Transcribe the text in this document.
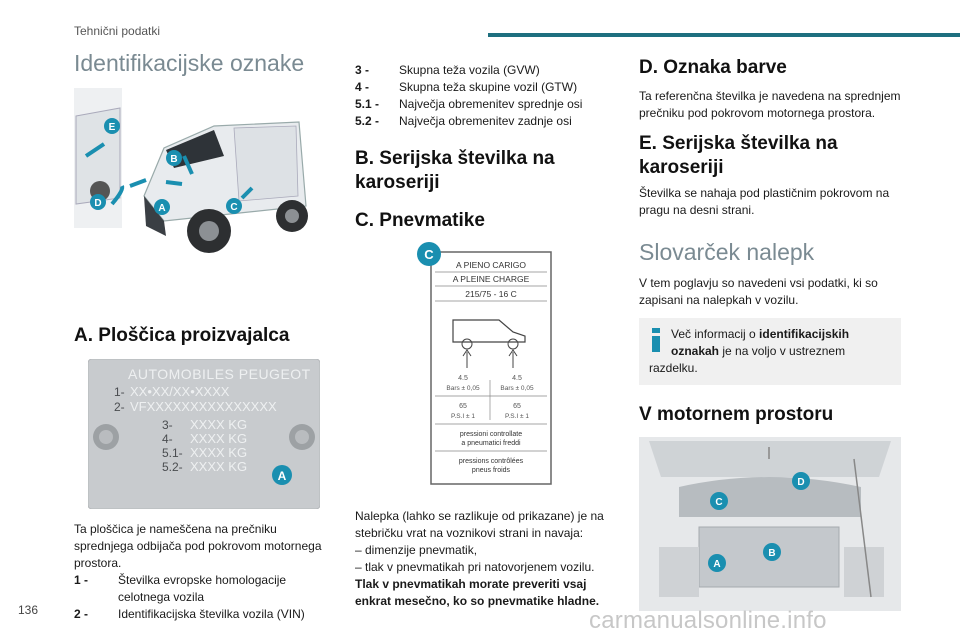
Tehnični podatki
Identifikacijske oznake
E
B
D	A	C
A. Ploščica proizvajalca
AUTOMOBILES PEUGEOT
1- XX•XX/XX•XXXX
2- VFXXXXXXXXXXXXXXX
3- XXXX KG
4- XXXX KG
5.1- XXXX KG
5.2- XXXX KG
A

Ta ploščica je nameščena na prečniku sprednjega odbijača pod pokrovom motornega prostora.

1 -	Številka evropske homologacije celotnega vozila
2 -	Identifikacijska številka vozila (VIN)
3 -	Skupna teža vozila (GVW)
4 -	Skupna teža skupine vozil (GTW)
5.1 -	Največja obremenitev sprednje osi
5.2 -	Največja obremenitev zadnje osi
B. Serijska številka na karoseriji
C. Pnevmatike
C
A PIENO CARIGO
A PLEINE CHARGE
215/75 - 16 C
4.5	4.5
Bars ± 0,05	Bars ± 0,05
65	65
P.S.I ± 1	P.S.I ± 1
pressioni controllate
a pneumatici freddi
pressions contrôlées
pneus froids

Nalepka (lahko se razlikuje od prikazane) je na stebričku vrat na voznikovi strani in navaja:

– dimenzije pnevmatik,

– tlak v pnevmatikah pri natovorjenem vozilu.

Tlak v pnevmatikah morate preveriti vsaj enkrat mesečno, ko so pnevmatike hladne.

D. Oznaka barve

Ta referenčna številka je navedena na sprednjem prečniku pod pokrovom motornega prostora.

E. Serijska številka na karoseriji

Številka se nahaja pod plastičnim pokrovom na pragu na desni strani.

Slovarček nalepk

V tem poglavju so navedeni vsi podatki, ki so zapisani na nalepkah v vozilu.

Več informacij o identifikacijskih oznakah je na voljo v ustreznem razdelku.
V motornem prostoru
D
C
B
A
136	carmanualsonline.info
